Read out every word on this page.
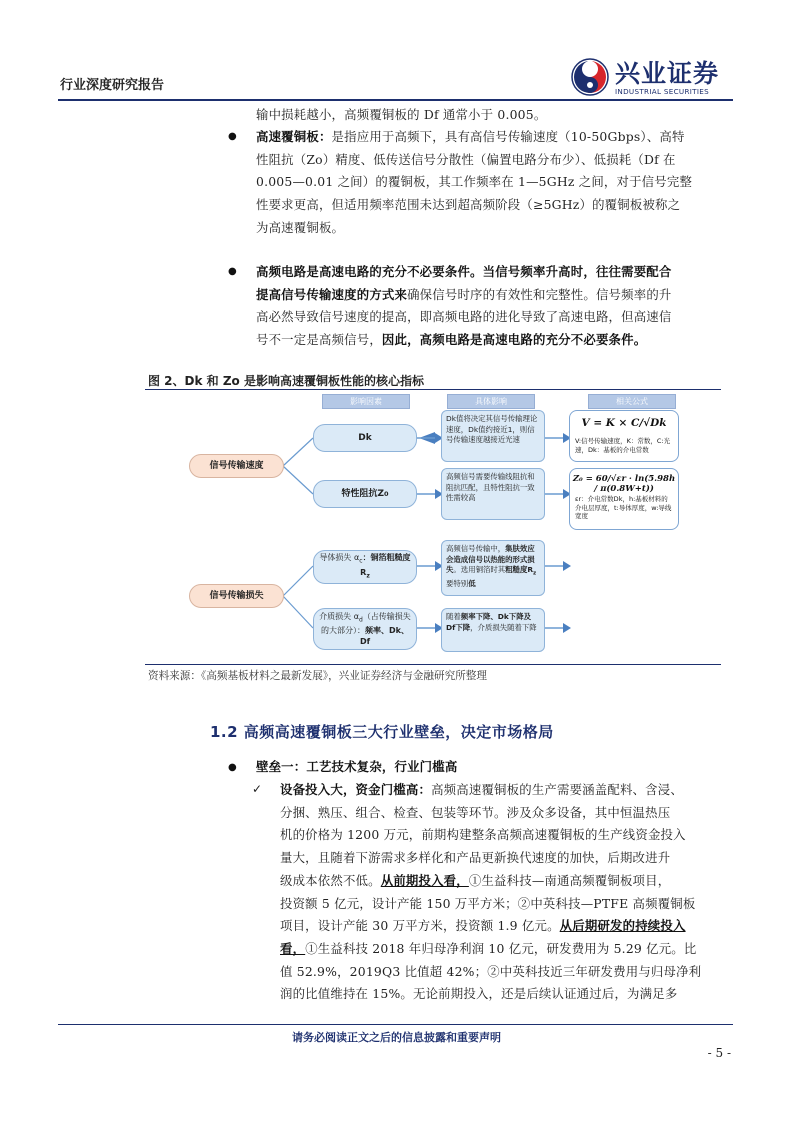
行业深度研究报告	兴业证券
INDUSTRIAL SECURITIES
输中损耗越小，高频覆铜板的 Df 通常小于 0.005。
● 高速覆铜板：是指应用于高频下，具有高信号传输速度（10-50Gbps）、高特
性阻抗（Zo）精度、低传送信号分散性（偏置电路分布少）、低损耗（Df 在
0.005—0.01 之间）的覆铜板，其工作频率在 1—5GHz 之间，对于信号完整
性要求更高，但适用频率范围未达到超高频阶段（≥5GHz）的覆铜板被称之
为高速覆铜板。
● 高频电路是高速电路的充分不必要条件。当信号频率升高时，往往需要配合
提高信号传输速度的方式来确保信号时序的有效性和完整性。信号频率的升
高必然导致信号速度的提高，即高频电路的进化导致了高速电路，但高速信
号不一定是高频信号，因此，高频电路是高速电路的充分不必要条件。
图 2、Dk 和 Zo 是影响高速覆铜板性能的核心指标
影响因素	具体影响	相关公式
信号传输速度
信号传输损失
Dk
特性阻抗Z 0
导体损失 $\alpha_c$：铜箔粗糙度$R_z$
介质损失 $\alpha_d$（占传输损失的大部分）：频率、Dk、Df
Dk值将决定其信号传输理论速度，Dk值约接近1，则信号传输速度越接近光速
高频信号需要传输线阻抗和阻抗匹配，且特性阻抗一致性需较高
高频信号传输中，集肤效应会造成信号以热能的形式损失。选用铜箔时其粗糙度$R_z$要特别低
随着频率下降、Dk下降及Df下降，介质损失随着下降
V = K × C/√Dk
V:信号传输速度，K：常数，C:光速，Dk：基板的介电常数
Z₀ = 60/√εr · ln(5.98h / π(0.8W+t))
εr：介电常数Dk，h:基板材料的介电层厚度，t:导体厚度，w:导线宽度
资料来源：《高频基板材料之最新发展》，兴业证券经济与金融研究所整理
1.2 高频高速覆铜板三大行业壁垒，决定市场格局
● 壁垒一：工艺技术复杂，行业门槛高
✓ 设备投入大，资金门槛高：高频高速覆铜板的生产需要涵盖配料、含浸、
分捆、熟压、组合、检查、包装等环节。涉及众多设备，其中恒温热压
机的价格为 1200 万元，前期构建整条高频高速覆铜板的生产线资金投入
量大，且随着下游需求多样化和产品更新换代速度的加快，后期改进升
级成本依然不低。从前期投入看，①生益科技—南通高频覆铜板项目，
投资额 5 亿元，设计产能 150 万平方米；②中英科技—PTFE 高频覆铜板
项目，设计产能 30 万平方米，投资额 1.9 亿元。从后期研发的持续投入
看，①生益科技 2018 年归母净利润 10 亿元，研发费用为 5.29 亿元。比
值 52.9%，2019Q3 比值超 42%；②中英科技近三年研发费用与归母净利
润的比值维持在 15%。无论前期投入，还是后续认证通过后，为满足多
请务必阅读正文之后的信息披露和重要声明
- 5 -
